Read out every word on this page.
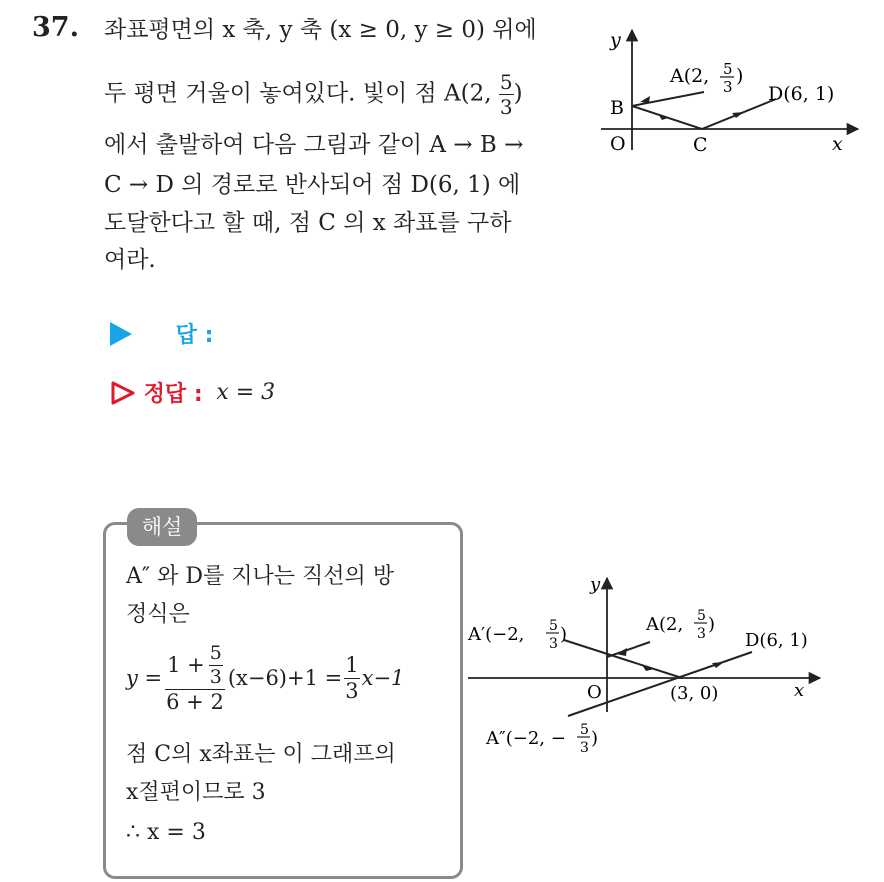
37. 좌표평면의 x 축, y 축 (x ≥ 0, y ≥ 0) 위에
두 평면 거울이 놓여있다. 빛이 점 A(2, $\frac{5}{3}$ )
에서 출발하여 다음 그림과 같이 A → B →
C → D 의 경로로 반사되어 점 D(6, 1) 에
도달한다고 할 때, 점 C 의 x 좌표를 구하
여라.
y
x
O
B
C
A(2, 5
3 )
D(6, 1)
답 :
정답 : x = 3
해설
A″ 와 D를 지나는 직선의 방
정식은
$y = \frac{1 + \frac{5}{3}}{6 + 2} (x-6)+1 = \frac{1}{3} x-1$
점 C의 x좌표는 이 그래프의
x절편이므로 3
∴ x = 3
y
x
O	(3, 0)
D(6, 1)
A′(−2, 5
3 )	A(2, 5
3 )
A″(−2, − 5
3 )
